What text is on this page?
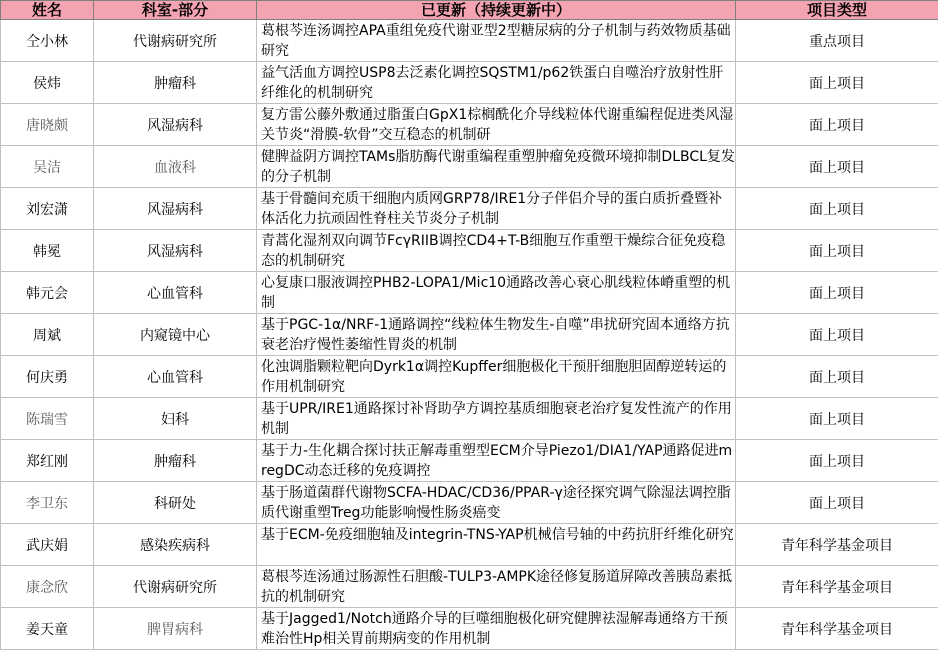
姓名	科室-部分	已更新（持续更新中）	项目类型
仝小林	代谢病研究所	葛根芩连汤调控APA重组免疫代谢亚型2型糖尿病的分子机制与药效物质基础研究	重点项目
侯炜	肿瘤科	益气活血方调控USP8去泛素化调控SQSTM1/p62铁蛋白自噬治疗放射性肝纤维化的机制研究	面上项目
唐晓颇	风湿病科	复方雷公藤外敷通过脂蛋白GpX1棕榈酰化介导线粒体代谢重编程促进类风湿关节炎“滑膜-软骨”交互稳态的机制研	面上项目
吴洁	血液科	健脾益阴方调控TAMs脂肪酶代谢重编程重塑肿瘤免疫微环境抑制DLBCL复发的分子机制	面上项目
刘宏潇	风湿病科	基于骨髓间充质干细胞内质网GRP78/IRE1分子伴侣介导的蛋白质折叠暨补体活化力抗顽固性脊柱关节炎分子机制	面上项目
韩冕	风湿病科	青蒿化湿剂双向调节FcγRIIB调控CD4+T-B细胞互作重塑干燥综合征免疫稳态的机制研究	面上项目
韩元会	心血管科	心复康口服液调控PHB2-LOPA1/Mic10通路改善心衰心肌线粒体嵴重塑的机制	面上项目
周斌	内窥镜中心	基于PGC-1α/NRF-1通路调控“线粒体生物发生-自噬”串扰研究固本通络方抗衰老治疗慢性萎缩性胃炎的机制	面上项目
何庆勇	心血管科	化浊调脂颗粒靶向Dyrk1α调控Kupffer细胞极化干预肝细胞胆固醇逆转运的作用机制研究	面上项目
陈瑞雪	妇科	基于UPR/IRE1通路探讨补肾助孕方调控基质细胞衰老治疗复发性流产的作用机制	面上项目
郑红刚	肿瘤科	基于力-生化耦合探讨扶正解毒重塑型ECM介导Piezo1/DIA1/YAP通路促进mregDC动态迁移的免疫调控	面上项目
李卫东	科研处	基于肠道菌群代谢物SCFA-HDAC/CD36/PPAR-γ途径探究调气除湿法调控脂质代谢重塑Treg功能影响慢性肠炎癌变	面上项目
武庆娟	感染疾病科	基于ECM-免疫细胞轴及integrin-TNS-YAP机械信号轴的中药抗肝纤维化研究	青年科学基金项目
康念欣	代谢病研究所	葛根芩连汤通过肠源性石胆酸-TULP3-AMPK途径修复肠道屏障改善胰岛素抵抗的机制研究	青年科学基金项目
姜天童	脾胃病科	基于Jagged1/Notch通路介导的巨噬细胞极化研究健脾祛湿解毒通络方干预难治性Hp相关胃前期病变的作用机制	青年科学基金项目
